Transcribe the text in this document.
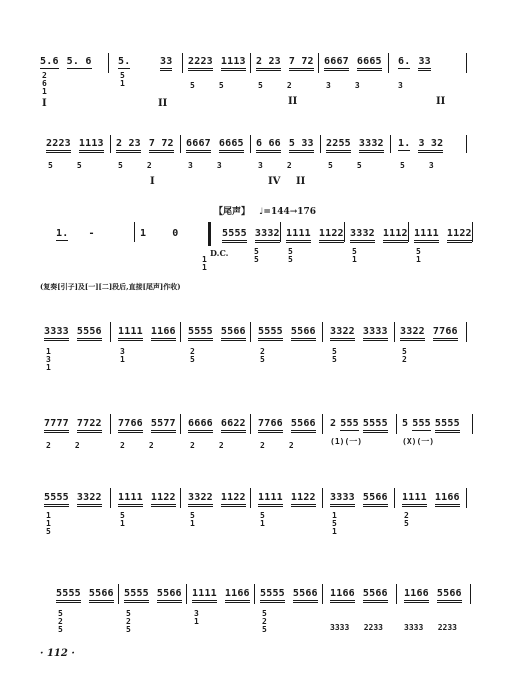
5.6 5. 6
2
6
1
5.
5
1
33	2223 1113
5     5
2 23 7 72
5     2
6667 6665
3     3
6. 33
3
I	II	II	II
2223 1113
5     5
2 23 7 72
5     2
6667 6665
3     3
6 66 5 33
3     2
2255 3332
5     5
1. 3 32
5     3
I	IV II
【尾声】 ♩=144→176
1. -	1	0
1
1
D.C.
5555 3332
5
5
1111 1122
5
5
3332 1112
5
1
1111 1122
5
1
(复奏[引子]及[一][二]段后,直接[尾声]作收)
3333 5556
1
3
1
1111 1166
3
1
5555 5566
2
5
5555 5566
2
5
3322 3333
5
5
3322 7766
5
2
7777 7722
2     2
7766 5577
2     2
6666 6622
2     2
7766 5566
2     2
2 555 5555
(1)(一)
5 555 5555
(X)(一)
5555 3322
1
1
5
1111 1122
5
1
3322 1122
5
1
1111 1122
5
1
3333 5566
1
5
1
1111 1166
2
5
5555 5566
5
2
5
5555 5566
5
2
5
1111 1166
3
1
5555 5566
5
2
5
1166 5566
3333   2233
1166 5566
3333   2233
· 112 ·
